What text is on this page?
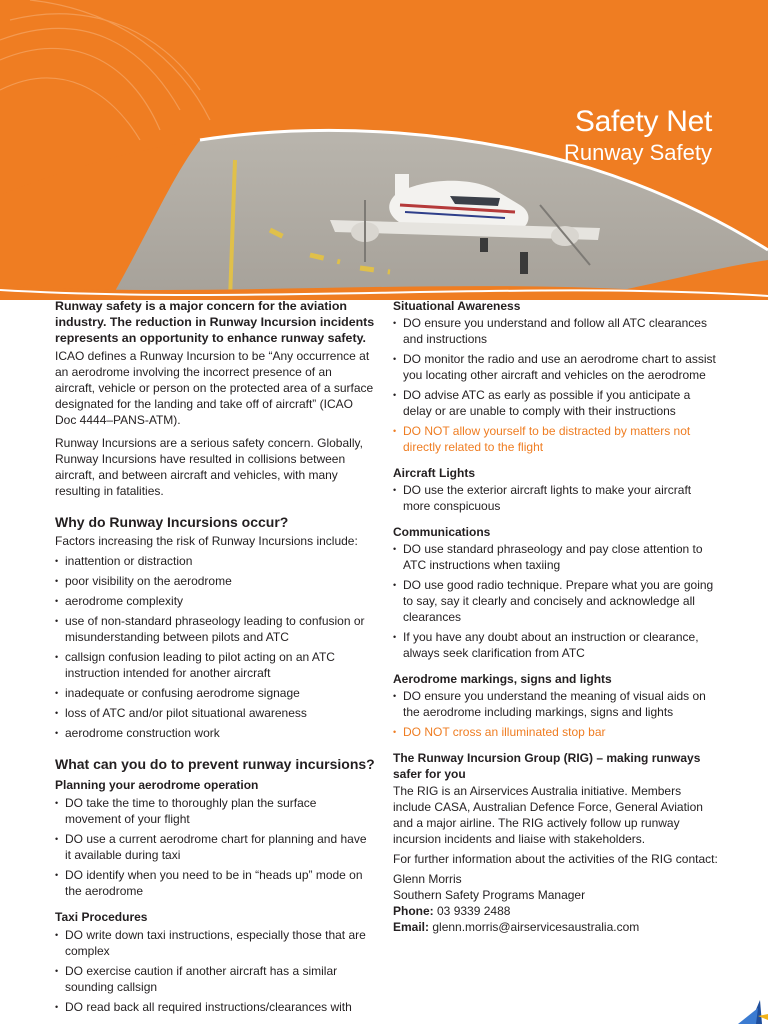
Safety Net
Runway Safety

Runway safety is a major concern for the aviation industry. The reduction in Runway Incursion incidents represents an opportunity to enhance runway safety.

ICAO defines a Runway Incursion to be “Any occurrence at an aerodrome involving the incorrect presence of an aircraft, vehicle or person on the protected area of a surface designated for the landing and take off of aircraft” (ICAO Doc 4444–PANS-ATM).

Runway Incursions are a serious safety concern. Globally, Runway Incursions have resulted in collisions between aircraft, and between aircraft and vehicles, with many resulting in fatalities.

Why do Runway Incursions occur?

Factors increasing the risk of Runway Incursions include:

• inattention or distraction
• poor visibility on the aerodrome
• aerodrome complexity
• use of non-standard phraseology leading to confusion or misunderstanding between pilots and ATC
• callsign confusion leading to pilot acting on an ATC instruction intended for another aircraft
• inadequate or confusing aerodrome signage
• loss of ATC and/or pilot situational awareness
• aerodrome construction work
What can you do to prevent runway incursions?
Planning your aerodrome operation
• DO take the time to thoroughly plan the surface movement of your flight
• DO use a current aerodrome chart for planning and have it available during taxi
• DO identify when you need to be in “heads up” mode on the aerodrome
Taxi Procedures
• DO write down taxi instructions, especially those that are complex
• DO exercise caution if another aircraft has a similar sounding callsign
• DO read back all required instructions/clearances with
Situational Awareness
• DO ensure you understand and follow all ATC clearances and instructions
• DO monitor the radio and use an aerodrome chart to assist you locating other aircraft and vehicles on the aerodrome
• DO advise ATC as early as possible if you anticipate a delay or are unable to comply with their instructions
• DO NOT allow yourself to be distracted by matters not directly related to the flight
Aircraft Lights
• DO use the exterior aircraft lights to make your aircraft more conspicuous
Communications
• DO use standard phraseology and pay close attention to ATC instructions when taxiing
• DO use good radio technique. Prepare what you are going to say, say it clearly and concisely and acknowledge all clearances
• If you have any doubt about an instruction or clearance, always seek clarification from ATC
Aerodrome markings, signs and lights
• DO ensure you understand the meaning of visual aids on the aerodrome including markings, signs and lights
• DO NOT cross an illuminated stop bar
The Runway Incursion Group (RIG) – making runways safer for you

The RIG is an Airservices Australia initiative. Members include CASA, Australian Defence Force, General Aviation and a major airline. The RIG actively follow up runway incursion incidents and liaise with stakeholders.

For further information about the activities of the RIG contact:

Glenn Morris
Southern Safety Programs Manager
Phone: 03 9339 2488
Email: glenn.morris@airservicesaustralia.com
